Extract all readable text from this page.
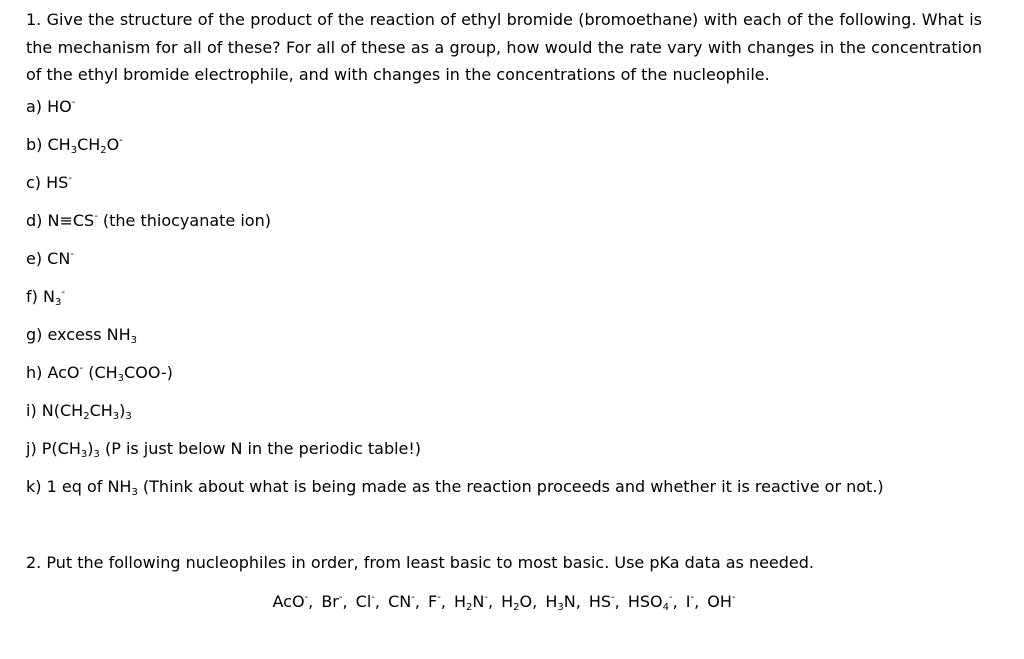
1. Give the structure of the product of the reaction of ethyl bromide (bromoethane) with each of the following. What is the mechanism for all of these? For all of these as a group, how would the rate vary with changes in the concentration of the ethyl bromide electrophile, and with changes in the concentrations of the nucleophile.

a) HO-

b) $CH_3CH_2O^-$

c) HS-

d) N≡CS- (the thiocyanate ion)

e) CN-

f) $N_3^-$

g) excess $NH_3$

h) AcO- $(CH_3COO-)$

i) $N(CH_2CH_3)_3$

j) $P(CH_3)_3$ (P is just below N in the periodic table!)

k) 1 eq of $NH_3$ (Think about what is being made as the reaction proceeds and whether it is reactive or not.)

2. Put the following nucleophiles in order, from least basic to most basic. Use pKa data as needed.

AcO-, Br-, Cl-, CN-, F-, $H_2N^-$, $H_2O$, $H_3N$, HS-, $HSO_4^-$, I-, OH-
